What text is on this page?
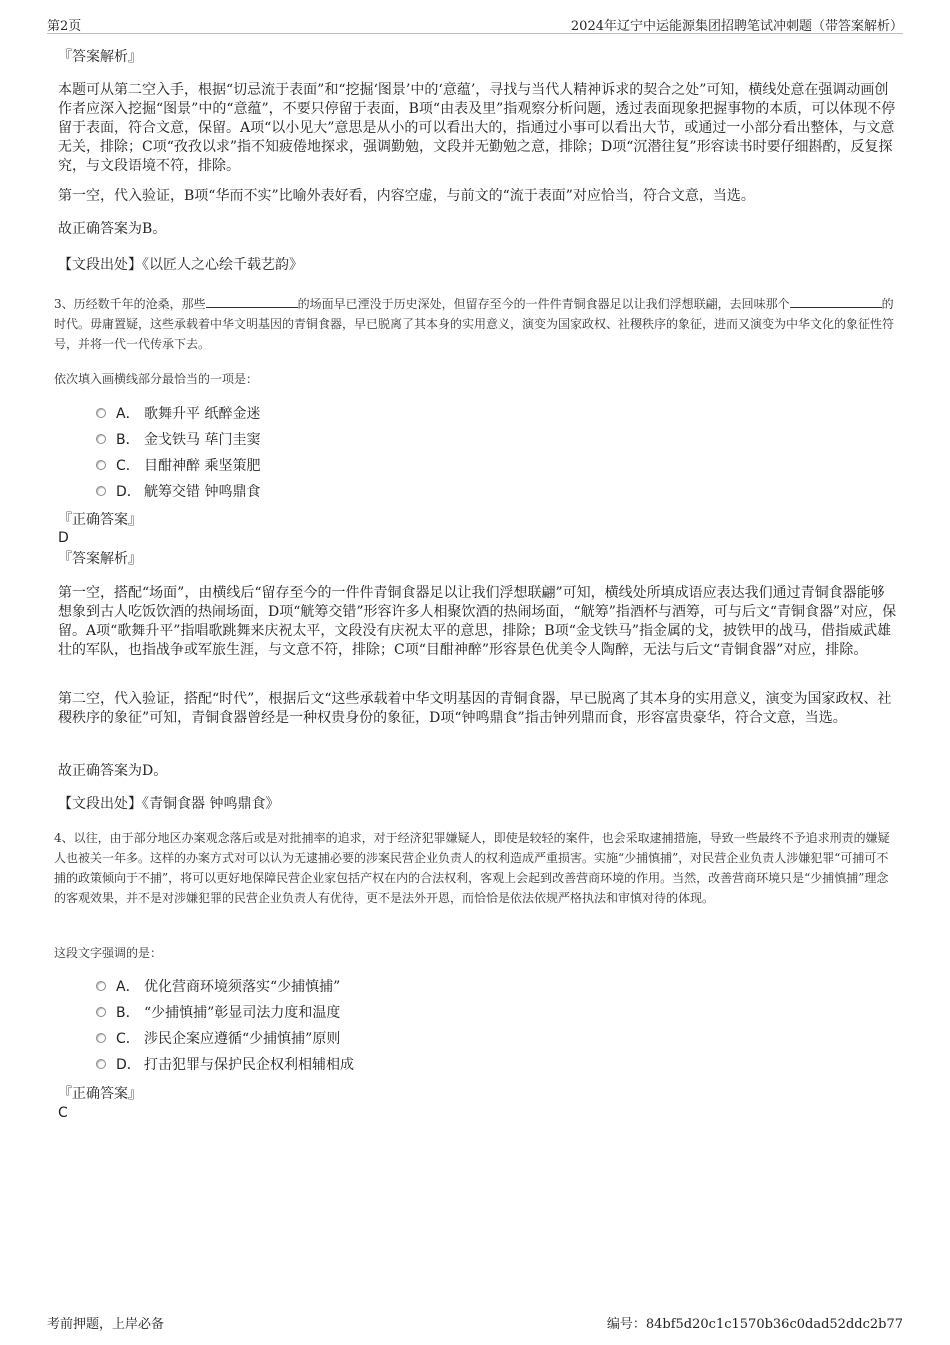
第2页	2024年辽宁中运能源集团招聘笔试冲刺题（带答案解析）
『答案解析』

本题可从第二空入手，根据“切忌流于表面”和“挖掘‘图景’中的‘意蕴’，寻找与当代人精神诉求的契合之处”可知，横线处意在强调动画创作者应深入挖掘“图景”中的“意蕴”，不要只停留于表面，B项“由表及里”指观察分析问题，透过表面现象把握事物的本质，可以体现不停留于表面，符合文意，保留。A项“以小见大”意思是从小的可以看出大的，指通过小事可以看出大节，或通过一小部分看出整体，与文意无关，排除；C项“孜孜以求”指不知疲倦地探求，强调勤勉，文段并无勤勉之意，排除；D项“沉潜往复”形容读书时要仔细斟酌，反复探究，与文段语境不符，排除。

第一空，代入验证，B项“华而不实”比喻外表好看，内容空虚，与前文的“流于表面”对应恰当，符合文意，当选。

故正确答案为B。

【文段出处】《以匠人之心绘千载艺韵》

3、历经数千年的沧桑，那些	的场面早已湮没于历史深处，但留存至今的一件件青铜食器足以让我们浮想联翩，去回味那个	的时代。毋庸置疑，这些承载着中华文明基因的青铜食器，早已脱离了其本身的实用意义，演变为国家政权、社稷秩序的象征，进而又演变为中华文化的象征性符号，并将一代一代传承下去。

依次填入画横线部分最恰当的一项是：

A． 歌舞升平 纸醉金迷
B． 金戈铁马 荜门圭窦
C． 目酣神醉 乘坚策肥
D． 觥筹交错 钟鸣鼎食
『正确答案』
D
『答案解析』

第一空，搭配“场面”，由横线后“留存至今的一件件青铜食器足以让我们浮想联翩”可知，横线处所填成语应表达我们通过青铜食器能够想象到古人吃饭饮酒的热闹场面，D项“觥筹交错”形容许多人相聚饮酒的热闹场面，“觥筹”指酒杯与酒筹，可与后文“青铜食器”对应，保留。A项“歌舞升平”指唱歌跳舞来庆祝太平，文段没有庆祝太平的意思，排除；B项“金戈铁马”指金属的戈，披铁甲的战马，借指威武雄壮的军队，也指战争或军旅生涯，与文意不符，排除；C项“目酣神醉”形容景色优美令人陶醉，无法与后文“青铜食器”对应，排除。

第二空，代入验证，搭配“时代”，根据后文“这些承载着中华文明基因的青铜食器，早已脱离了其本身的实用意义，演变为国家政权、社稷秩序的象征”可知，青铜食器曾经是一种权贵身份的象征，D项“钟鸣鼎食”指击钟列鼎而食，形容富贵豪华，符合文意，当选。

故正确答案为D。

【文段出处】《青铜食器 钟鸣鼎食》

4、以往，由于部分地区办案观念落后或是对批捕率的追求，对于经济犯罪嫌疑人，即使是较轻的案件，也会采取逮捕措施，导致一些最终不予追求刑责的嫌疑人也被关一年多。这样的办案方式对可以认为无逮捕必要的涉案民营企业负责人的权利造成严重损害。实施“少捕慎捕”，对民营企业负责人涉嫌犯罪“可捕可不捕的政策倾向于不捕”，将可以更好地保障民营企业家包括产权在内的合法权利，客观上会起到改善营商环境的作用。当然，改善营商环境只是“少捕慎捕”理念的客观效果，并不是对涉嫌犯罪的民营企业负责人有优待，更不是法外开恩，而恰恰是依法依规严格执法和审慎对待的体现。

这段文字强调的是：

A． 优化营商环境须落实“少捕慎捕”
B． “少捕慎捕”彰显司法力度和温度
C． 涉民企案应遵循“少捕慎捕”原则
D． 打击犯罪与保护民企权利相辅相成
『正确答案』
C
考前押题，上岸必备	编号：84bf5d20c1c1570b36c0dad52ddc2b77
